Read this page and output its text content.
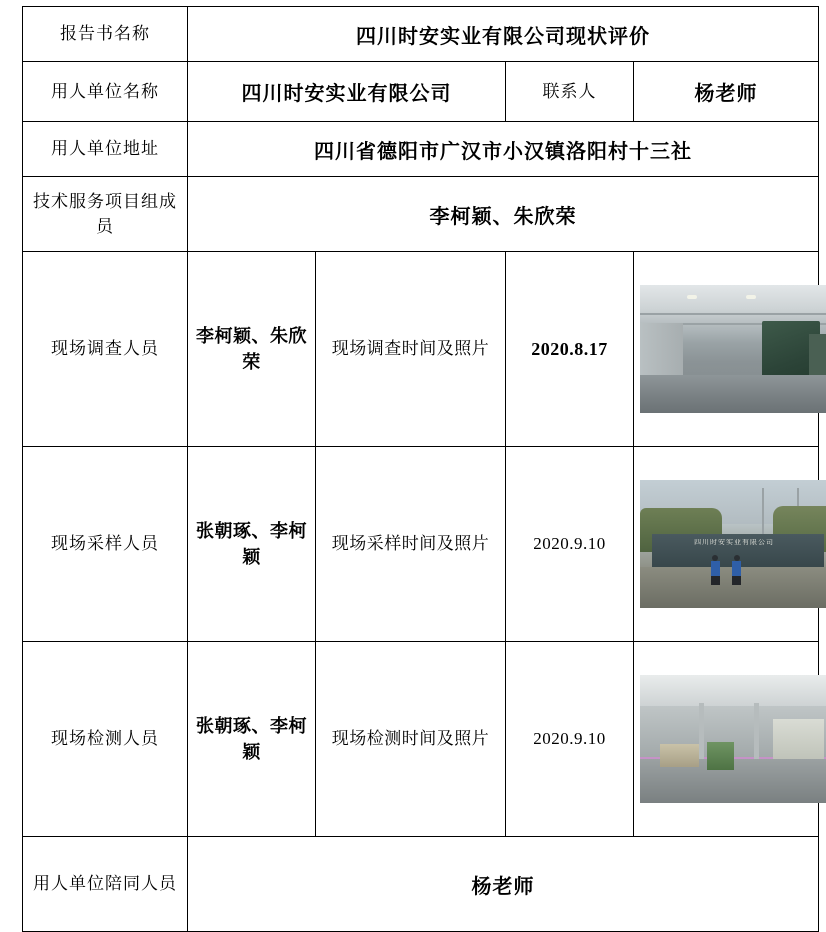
报告书名称	四川时安实业有限公司现状评价			
用人单位名称	四川时安实业有限公司		联系人	杨老师
用人单位地址	四川省德阳市广汉市小汉镇洛阳村十三社			
技术服务项目组成员	李柯颖、朱欣荣			
现场调查人员	李柯颖、朱欣荣	现场调查时间及照片	2020.8.17	

现场采样人员	张朝琢、李柯颖	现场采样时间及照片	2020.9.10	四川时安实业有限公司

现场检测人员	张朝琢、李柯颖	现场检测时间及照片	2020.9.10	

用人单位陪同人员	杨老师			
